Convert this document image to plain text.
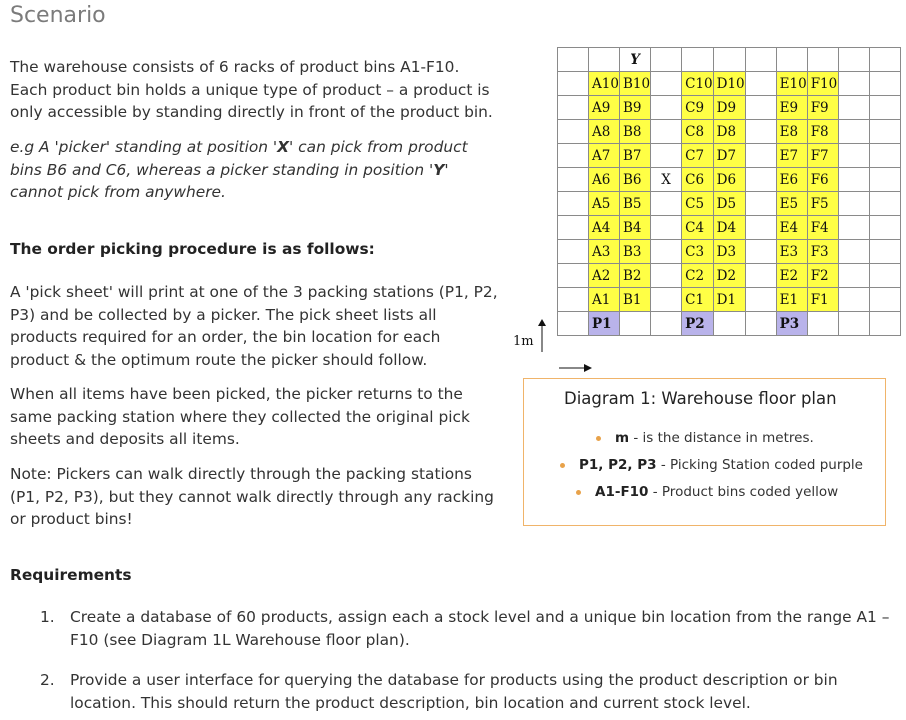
Scenario

The warehouse consists of 6 racks of product bins A1-F10. Each product bin holds a unique type of product – a product is only accessible by standing directly in front of the product bin.

e.g A 'picker' standing at position 'X' can pick from product bins B6 and C6, whereas a picker standing in position 'Y' cannot pick from anywhere.

The order picking procedure is as follows:

A 'pick sheet' will print at one of the 3 packing stations (P1, P2, P3) and be collected by a picker. The pick sheet lists all products required for an order, the bin location for each product & the optimum route the picker should follow.

When all items have been picked, the picker returns to the same packing station where they collected the original pick sheets and deposits all items.

Note: Pickers can walk directly through the packing stations (P1, P2, P3), but they cannot walk directly through any racking or product bins!

		Y								
	A10	B10		C10	D10		E10	F10		
	A9	B9		C9	D9		E9	F9		
	A8	B8		C8	D8		E8	F8		
	A7	B7		C7	D7		E7	F7		
	A6	B6	X	C6	D6		E6	F6		
	A5	B5		C5	D5		E5	F5		
	A4	B4		C4	D4		E4	F4		
	A3	B3		C3	D3		E3	F3		
	A2	B2		C2	D2		E2	F2		
	A1	B1		C1	D1		E1	F1		
	P1			P2			P3			
1m
Diagram 1: Warehouse floor plan
m - is the distance in metres.
P1, P2, P3 - Picking Station coded purple
A1-F10 - Product bins coded yellow
Requirements

1. Create a database of 60 products, assign each a stock level and a unique bin location from the range A1 – F10 (see Diagram 1L Warehouse floor plan).

2. Provide a user interface for querying the database for products using the product description or bin location. This should return the product description, bin location and current stock level.
